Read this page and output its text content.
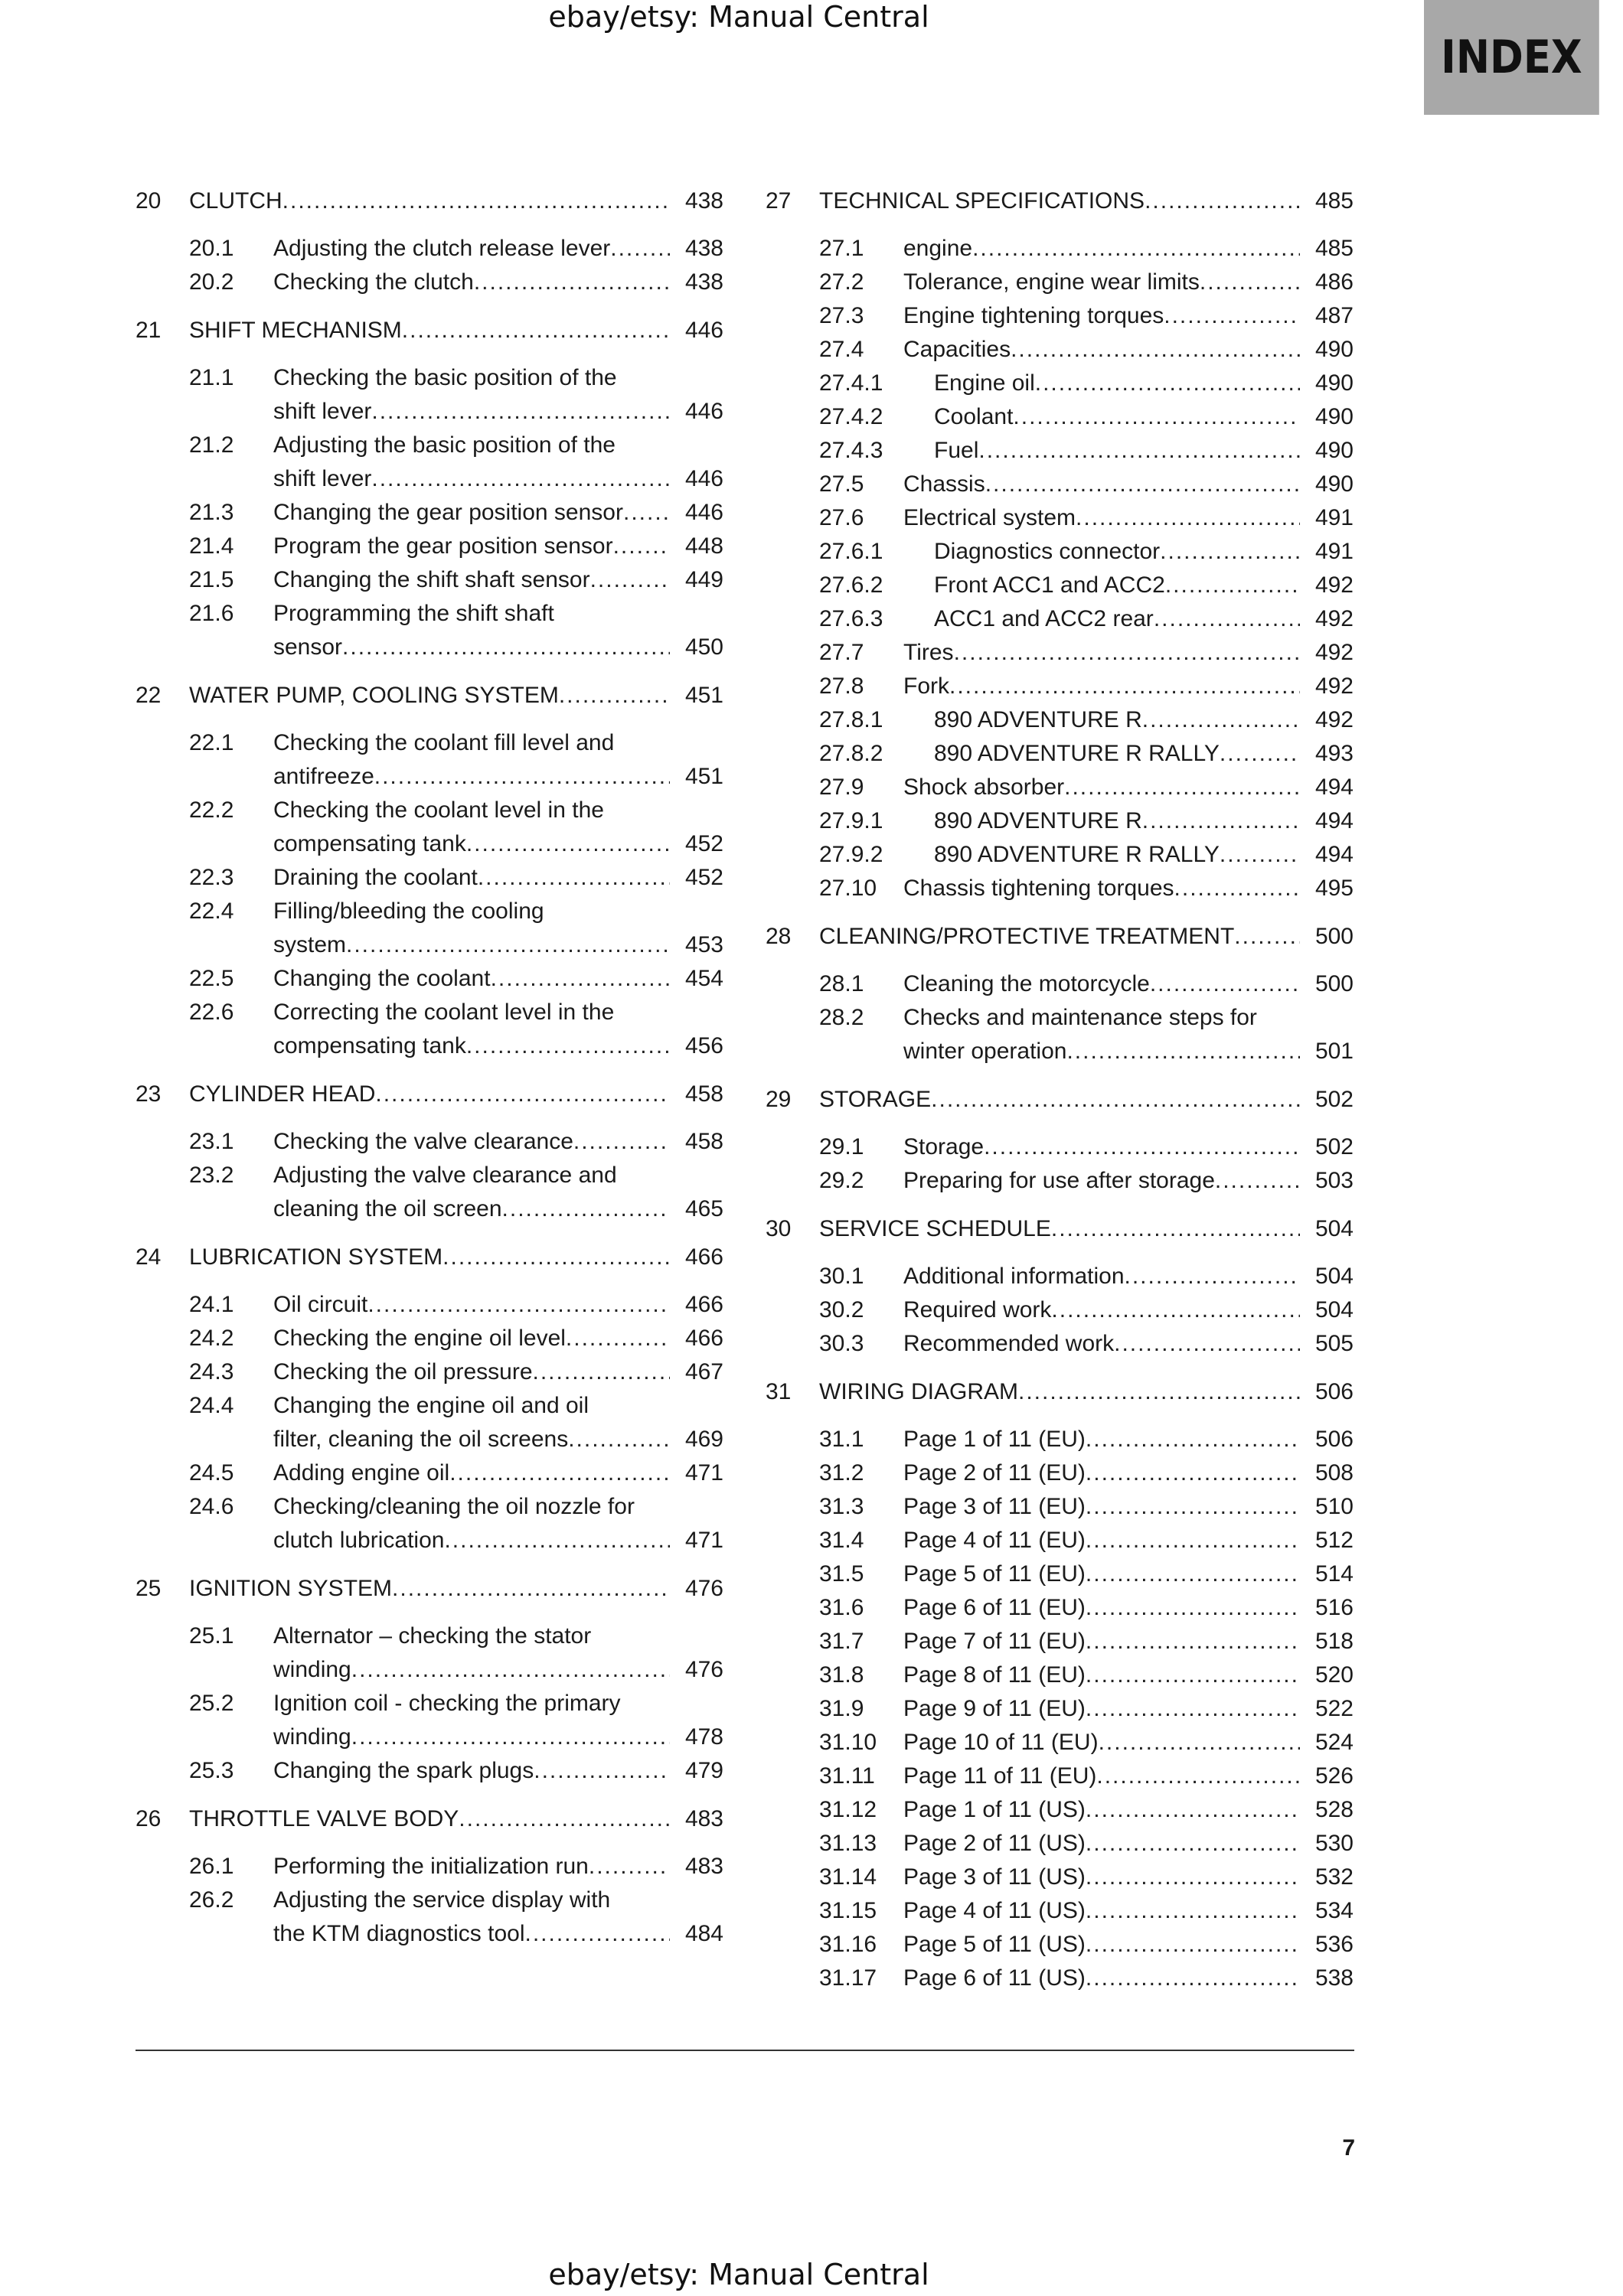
ebay/etsy: Manual Central
INDEX
20	CLUTCH .....	438
20.1	Adjusting the clutch release lever .....	438
20.2	Checking the clutch .....	438
21	SHIFT MECHANISM .....	446
21.1	Checking the basic position of the
shift lever .....	446
21.2	Adjusting the basic position of the
shift lever .....	446
21.3	Changing the gear position sensor .....	446
21.4	Program the gear position sensor .....	448
21.5	Changing the shift shaft sensor .....	449
21.6	Programming the shift shaft
sensor .....	450
22	WATER PUMP, COOLING SYSTEM .....	451
22.1	Checking the coolant fill level and
antifreeze .....	451
22.2	Checking the coolant level in the
compensating tank .....	452
22.3	Draining the coolant .....	452
22.4	Filling/bleeding the cooling
system .....	453
22.5	Changing the coolant .....	454
22.6	Correcting the coolant level in the
compensating tank .....	456
23	CYLINDER HEAD .....	458
23.1	Checking the valve clearance .....	458
23.2	Adjusting the valve clearance and
cleaning the oil screen .....	465
24	LUBRICATION SYSTEM .....	466
24.1	Oil circuit .....	466
24.2	Checking the engine oil level .....	466
24.3	Checking the oil pressure .....	467
24.4	Changing the engine oil and oil
filter, cleaning the oil screens .....	469
24.5	Adding engine oil .....	471
24.6	Checking/cleaning the oil nozzle for
clutch lubrication .....	471
25	IGNITION SYSTEM .....	476
25.1	Alternator – checking the stator
winding .....	476
25.2	Ignition coil - checking the primary
winding .....	478
25.3	Changing the spark plugs .....	479
26	THROTTLE VALVE BODY .....	483
26.1	Performing the initialization run .....	483
26.2	Adjusting the service display with
the KTM diagnostics tool .....	484
27	TECHNICAL SPECIFICATIONS .....	485
27.1	engine .....	485
27.2	Tolerance, engine wear limits .....	486
27.3	Engine tightening torques .....	487
27.4	Capacities .....	490
27.4.1	Engine oil .....	490
27.4.2	Coolant .....	490
27.4.3	Fuel .....	490
27.5	Chassis .....	490
27.6	Electrical system .....	491
27.6.1	Diagnostics connector .....	491
27.6.2	Front ACC1 and ACC2 .....	492
27.6.3	ACC1 and ACC2 rear .....	492
27.7	Tires .....	492
27.8	Fork .....	492
27.8.1	890 ADVENTURE R .....	492
27.8.2	890 ADVENTURE R RALLY .....	493
27.9	Shock absorber .....	494
27.9.1	890 ADVENTURE R .....	494
27.9.2	890 ADVENTURE R RALLY .....	494
27.10	Chassis tightening torques .....	495
28	CLEANING/PROTECTIVE TREATMENT .....	500
28.1	Cleaning the motorcycle .....	500
28.2	Checks and maintenance steps for
winter operation .....	501
29	STORAGE .....	502
29.1	Storage .....	502
29.2	Preparing for use after storage .....	503
30	SERVICE SCHEDULE .....	504
30.1	Additional information .....	504
30.2	Required work .....	504
30.3	Recommended work .....	505
31	WIRING DIAGRAM .....	506
31.1	Page 1 of 11 (EU) .....	506
31.2	Page 2 of 11 (EU) .....	508
31.3	Page 3 of 11 (EU) .....	510
31.4	Page 4 of 11 (EU) .....	512
31.5	Page 5 of 11 (EU) .....	514
31.6	Page 6 of 11 (EU) .....	516
31.7	Page 7 of 11 (EU) .....	518
31.8	Page 8 of 11 (EU) .....	520
31.9	Page 9 of 11 (EU) .....	522
31.10	Page 10 of 11 (EU) .....	524
31.11	Page 11 of 11 (EU) .....	526
31.12	Page 1 of 11 (US) .....	528
31.13	Page 2 of 11 (US) .....	530
31.14	Page 3 of 11 (US) .....	532
31.15	Page 4 of 11 (US) .....	534
31.16	Page 5 of 11 (US) .....	536
31.17	Page 6 of 11 (US) .....	538
7
ebay/etsy: Manual Central
